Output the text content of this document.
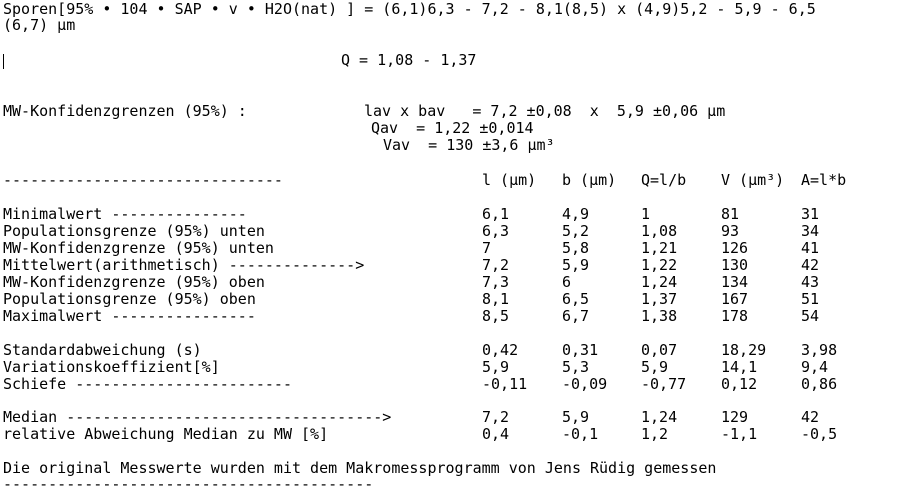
Sporen[95% • 104 • SAP • v • H2O(nat) ] = (6,1)6,3 - 7,2 - 8,1(8,5) x (4,9)5,2 - 5,9 - 6,5
(6,7) µm
Q = 1,08 - 1,37
MW-Konfidenzgrenzen (95%) :	lav x bav   = 7,2 ±0,08  x  5,9 ±0,06 µm
Qav  = 1,22 ±0,014
Vav  = 130 ±3,6 µm³
-------------------------------	l (µm) b (µm) Q=l/b V (µm³) A=l*b
Minimalwert ---------------	6,1	4,9	1	81	31
Populationsgrenze (95%) unten	6,3	5,2	1,08	93	34
MW-Konfidenzgrenze (95%) unten	7	5,8	1,21	126	41
Mittelwert(arithmetisch) -------------->	7,2	5,9	1,22	130	42
MW-Konfidenzgrenze (95%) oben	7,3	6	1,24	134	43
Populationsgrenze (95%) oben	8,1	6,5	1,37	167	51
Maximalwert ----------------	8,5	6,7	1,38	178	54
Standardabweichung (s)	0,42	0,31	0,07	18,29 3,98
Variationskoeffizient[%]	5,9	5,3	5,9	14,1	9,4
Schiefe ------------------------	-0,11 -0,09 -0,77 0,12	0,86
Median ----------------------------------->	7,2	5,9	1,24	129	42
relative Abweichung Median zu MW [%]	0,4	-0,1	1,2	-1,1	-0,5
Die original Messwerte wurden mit dem Makromessprogramm von Jens Rüdig gemessen
-----------------------------------------
